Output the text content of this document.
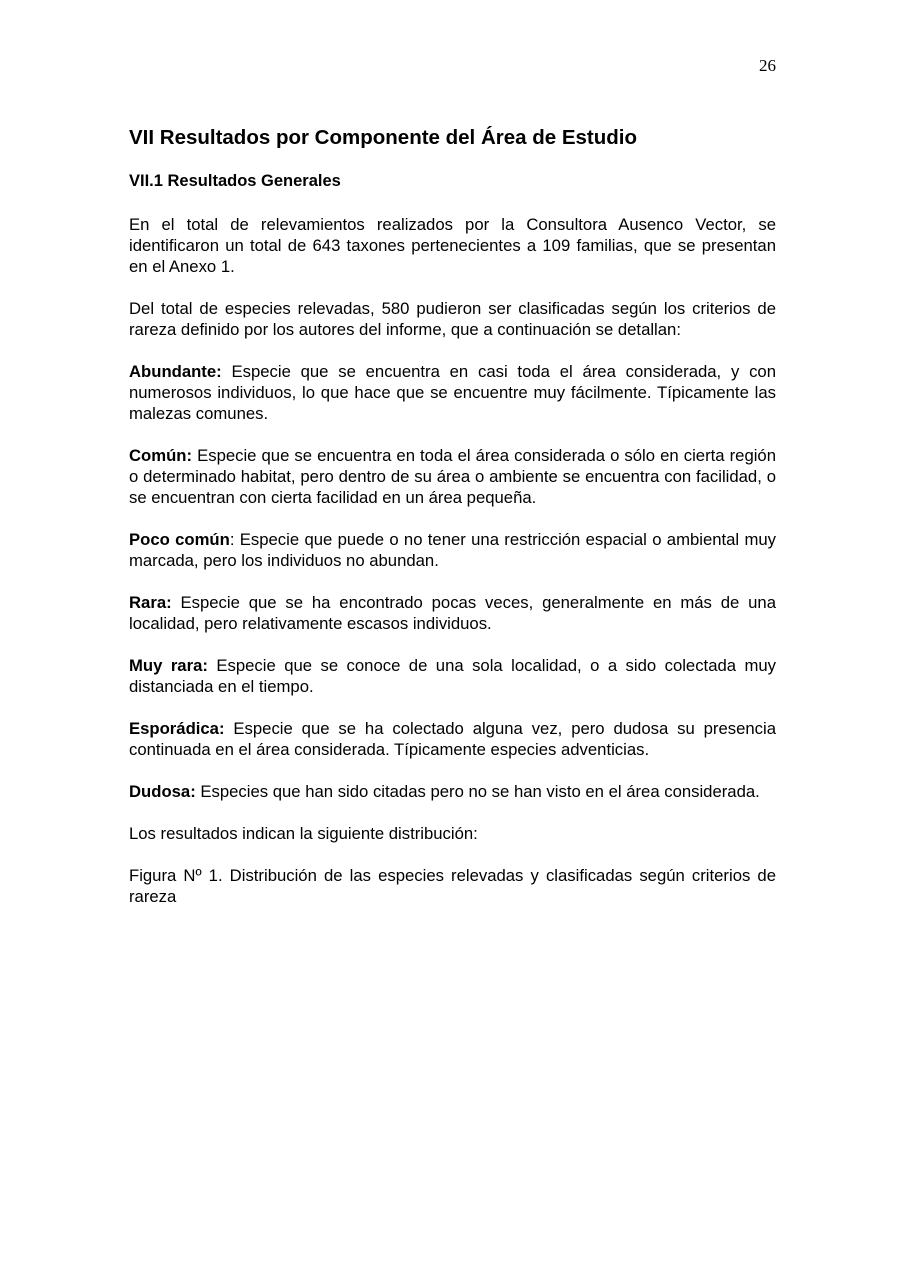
26
VII Resultados por Componente del Área de Estudio
VII.1 Resultados Generales

En el total de relevamientos realizados por la Consultora Ausenco Vector, se identificaron un total de 643 taxones pertenecientes a 109 familias, que se presentan en el Anexo 1.

Del total de especies relevadas, 580 pudieron ser clasificadas según los criterios de rareza definido por los autores del informe, que a continuación se detallan:

Abundante: Especie que se encuentra en casi toda el área considerada, y con numerosos individuos, lo que hace que se encuentre muy fácilmente. Típicamente las malezas comunes.

Común: Especie que se encuentra en toda el área considerada o sólo en cierta región o determinado habitat, pero dentro de su área o ambiente se encuentra con facilidad, o se encuentran con cierta facilidad en un área pequeña.

Poco común: Especie que puede o no tener una restricción espacial o ambiental muy marcada, pero los individuos no abundan.

Rara: Especie que se ha encontrado pocas veces, generalmente en más de una localidad, pero relativamente escasos individuos.

Muy rara: Especie que se conoce de una sola localidad, o a sido colectada muy distanciada en el tiempo.

Esporádica: Especie que se ha colectado alguna vez, pero dudosa su presencia continuada en el área considerada. Típicamente especies adventicias.

Dudosa: Especies que han sido citadas pero no se han visto en el área considerada.

Los resultados indican la siguiente distribución:

Figura Nº 1. Distribución de las especies relevadas y clasificadas según criterios de rareza
